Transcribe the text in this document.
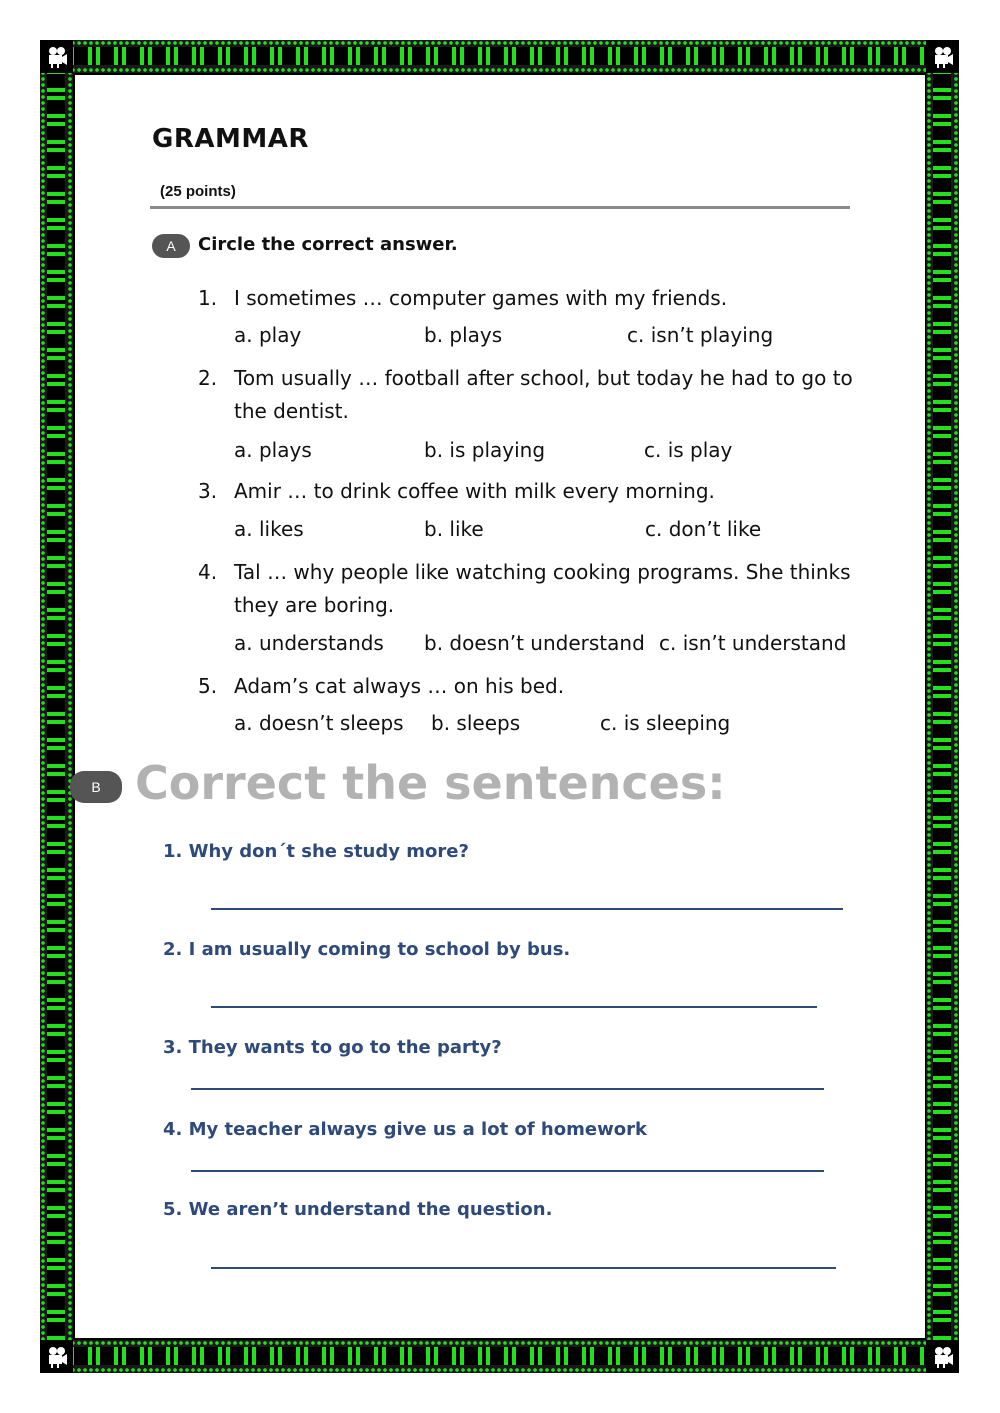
GRAMMAR
(25 points)
A	Circle the correct answer.
1. I sometimes … computer games with my friends.
a. play	b. plays	c. isn’t playing
2. Tom usually … football after school, but today he had to go to the dentist.
a. plays	b. is playing	c. is play
3. Amir … to drink coffee with milk every morning.
a. likes	b. like	c. don’t like
4. Tal … why people like watching cooking programs. She thinks they are boring.
a. understands b. doesn’t understand c. isn’t understand
5. Adam’s cat always … on his bed.
a. doesn’t sleeps b. sleeps	c. is sleeping
B Correct the sentences:
1. Why don´t she study more?
2. I am usually coming to school by bus.
3. They wants to go to the party?
4. My teacher always give us a lot of homework
5. We aren’t understand the question.
